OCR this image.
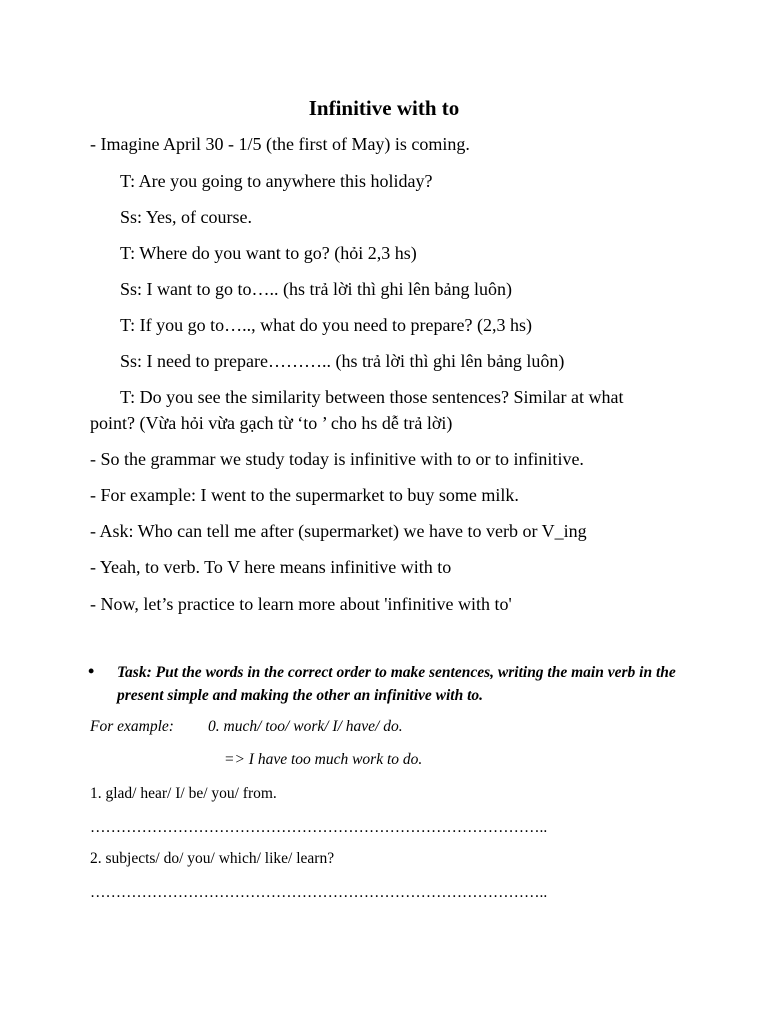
Infinitive with to
- Imagine April 30 - 1/5 (the first of May) is coming.
T: Are you going to anywhere this holiday?
Ss: Yes, of course.
T: Where do you want to go? (hỏi 2,3 hs)
Ss: I want to go to….. (hs trả lời thì ghi lên bảng luôn)
T: If you go to….., what do you need to prepare? (2,3 hs)
Ss: I need to prepare……….. (hs trả lời thì ghi lên bảng luôn)
T: Do you see the similarity between those sentences? Similar at what point? (Vừa hỏi vừa gạch từ ‘to ’ cho hs dễ trả lời)
- So the grammar we study today is infinitive with to or to infinitive.
- For example: I went to the supermarket to buy some milk.
- Ask: Who can tell me after (supermarket) we have to verb or V_ing
- Yeah, to verb. To V here means infinitive with to
- Now, let’s practice to learn more about 'infinitive with to'
• Task: Put the words in the correct order to make sentences, writing the main verb in the present simple and making the other an infinitive with to.
For example: 0. much/ too/ work/ I/ have/ do.
=> I have too much work to do.
1. glad/ hear/ I/ be/ you/ from.
……………………………………………………………………………..
2. subjects/ do/ you/ which/ like/ learn?
……………………………………………………………………………..
